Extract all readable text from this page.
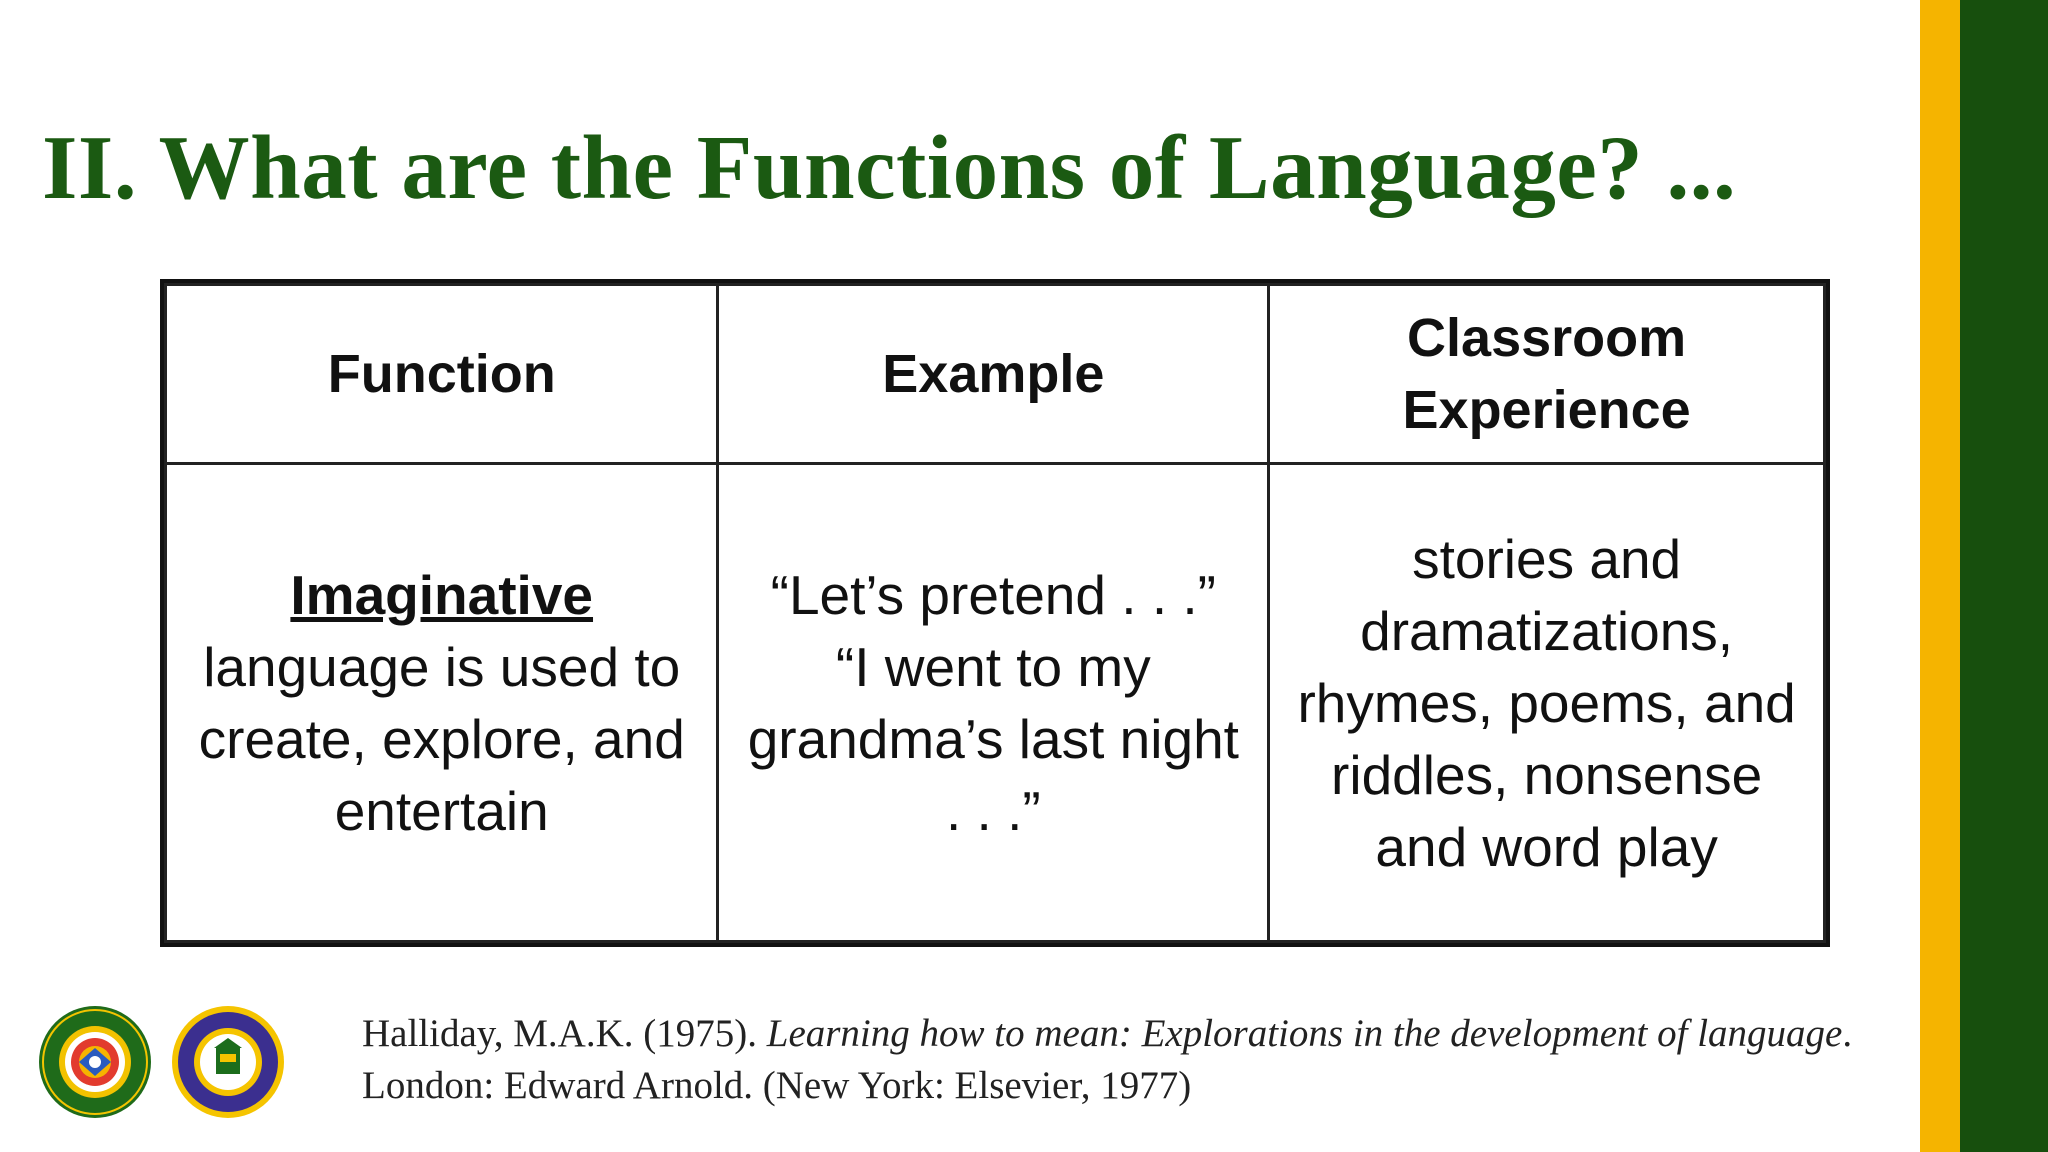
II. What are the Functions of Language? ...
Function	Example	Classroom
Experience

Imaginative
language is used to
create, explore, and
entertain	“Let’s pretend . . .”
“I went to my
grandma’s last night
. . .”	stories and
dramatizations,
rhymes, poems, and
riddles, nonsense
and word play
Halliday, M.A.K. (1975). Learning how to mean: Explorations in the development of language.
London: Edward Arnold. (New York: Elsevier, 1977)
